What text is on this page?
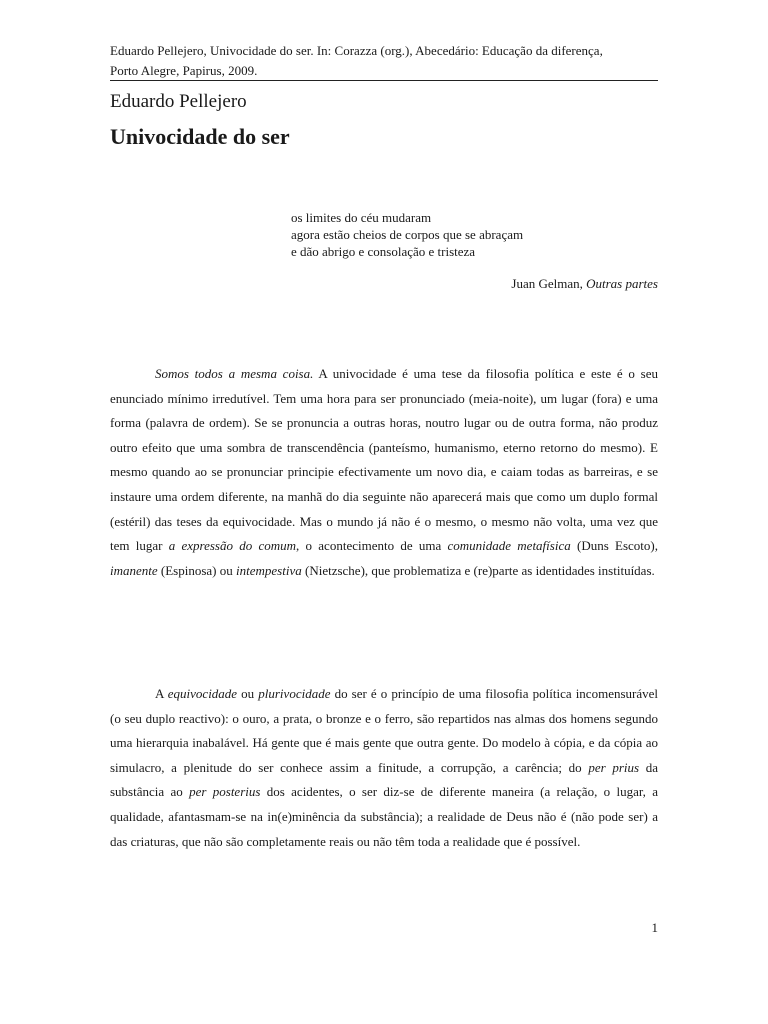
Eduardo Pellejero, Univocidade do ser. In: Corazza (org.), Abecedário: Educação da diferença,
Porto Alegre, Papirus, 2009.
Eduardo Pellejero
Univocidade do ser
os limites do céu mudaram
agora estão cheios de corpos que se abraçam
e dão abrigo e consolação e tristeza
Juan Gelman, Outras partes

Somos todos a mesma coisa. A univocidade é uma tese da filosofia política e este é o seu enunciado mínimo irredutível. Tem uma hora para ser pronunciado (meia-noite), um lugar (fora) e uma forma (palavra de ordem). Se se pronuncia a outras horas, noutro lugar ou de outra forma, não produz outro efeito que uma sombra de transcendência (panteísmo, humanismo, eterno retorno do mesmo). E mesmo quando ao se pronunciar principie efectivamente um novo dia, e caiam todas as barreiras, e se instaure uma ordem diferente, na manhã do dia seguinte não aparecerá mais que como um duplo formal (estéril) das teses da equivocidade. Mas o mundo já não é o mesmo, o mesmo não volta, uma vez que tem lugar a expressão do comum, o acontecimento de uma comunidade metafísica (Duns Escoto), imanente (Espinosa) ou intempestiva (Nietzsche), que problematiza e (re)parte as identidades instituídas.

A equivocidade ou plurivocidade do ser é o princípio de uma filosofia política incomensurável (o seu duplo reactivo): o ouro, a prata, o bronze e o ferro, são repartidos nas almas dos homens segundo uma hierarquia inabalável. Há gente que é mais gente que outra gente. Do modelo à cópia, e da cópia ao simulacro, a plenitude do ser conhece assim a finitude, a corrupção, a carência; do per prius da substância ao per posterius dos acidentes, o ser diz-se de diferente maneira (a relação, o lugar, a qualidade, afantasmam-se na in(e)minência da substância); a realidade de Deus não é (não pode ser) a das criaturas, que não são completamente reais ou não têm toda a realidade que é possível.

1
